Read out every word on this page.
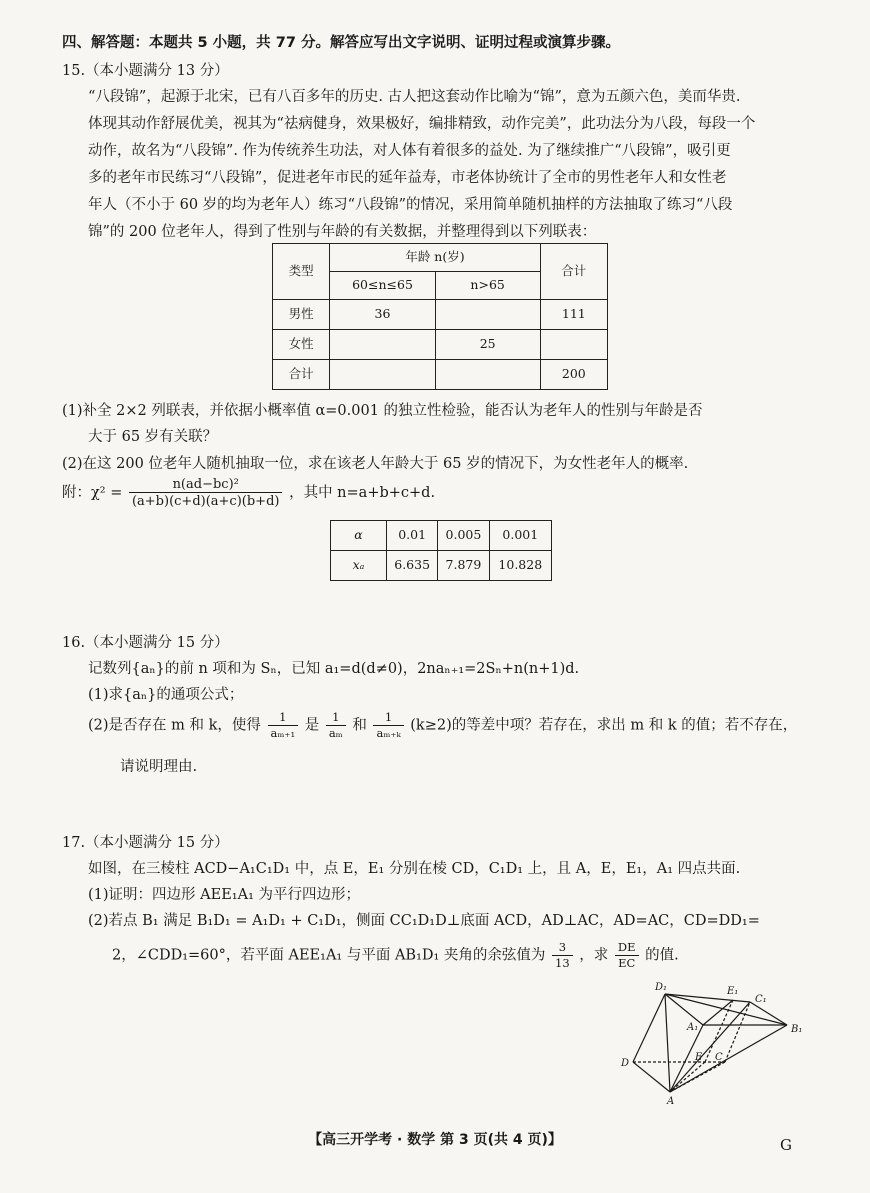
四、解答题：本题共 5 小题，共 77 分。解答应写出文字说明、证明过程或演算步骤。
15.（本小题满分 13 分）
“八段锦”，起源于北宋，已有八百多年的历史. 古人把这套动作比喻为“锦”，意为五颜六色，美而华贵.
体现其动作舒展优美，视其为“祛病健身，效果极好，编排精致，动作完美”，此功法分为八段，每段一个
动作，故名为“八段锦”. 作为传统养生功法，对人体有着很多的益处. 为了继续推广“八段锦”，吸引更
多的老年市民练习“八段锦”，促进老年市民的延年益寿，市老体协统计了全市的男性老年人和女性老
年人（不小于 60 岁的均为老年人）练习“八段锦”的情况，采用简单随机抽样的方法抽取了练习“八段
锦”的 200 位老年人，得到了性别与年龄的有关数据，并整理得到以下列联表：
类型	年龄 n(岁)		合计
	60≤n≤65	n>65	
男性	36		111
女性		25	
合计			200
(1)补全 2×2 列联表，并依据小概率值 α=0.001 的独立性检验，能否认为老年人的性别与年龄是否
大于 65 岁有关联？
(2)在这 200 位老年人随机抽取一位，求在该老人年龄大于 65 岁的情况下，为女性老年人的概率.
附：$\chi^2 = \frac{\text{n(ad−bc)²}}{(a+b)(c+d)(a+c)(b+d)}$ ，其中 n=a+b+c+d.
α	0.01	0.005	0.001
xₐ	6.635	7.879	10.828
16.（本小题满分 15 分）
记数列{aₙ}的前 n 项和为 Sₙ，已知 a₁=d(d≠0)，2naₙ₊₁=2Sₙ+n(n+1)d.
(1)求{aₙ}的通项公式；
(2)是否存在 m 和 k，使得 $\frac{1}{\text{aₘ₊₁}}$ 是 $\frac{1}{\text{aₘ}}$ 和 $\frac{1}{\text{aₘ₊ₖ}} (k\ge 2)$的等差中项？若存在，求出 m 和 k 的值；若不存在，
请说明理由.
17.（本小题满分 15 分）
如图，在三棱柱 ACD−A₁C₁D₁ 中，点 E，E₁ 分别在棱 CD，C₁D₁ 上，且 A，E，E₁，A₁ 四点共面.
(1)证明：四边形 AEE₁A₁ 为平行四边形；
(2)若点 B₁ 满足 B₁D₁ = A₁D₁ + C₁D₁，侧面 CC₁D₁D⊥底面 ACD，AD⊥AC，AD=AC，CD=DD₁=
2，∠CDD₁=60°，若平面 AEE₁A₁ 与平面 AB₁D₁ 夹角的余弦值为 $\frac{3}{13}$ ，求 $\frac{DE}{EC}$ 的值.
D₁	E₁
C₁
A₁	B₁
D
E C
A
【高三开学考 · 数学 第 3 页(共 4 页)】	G
